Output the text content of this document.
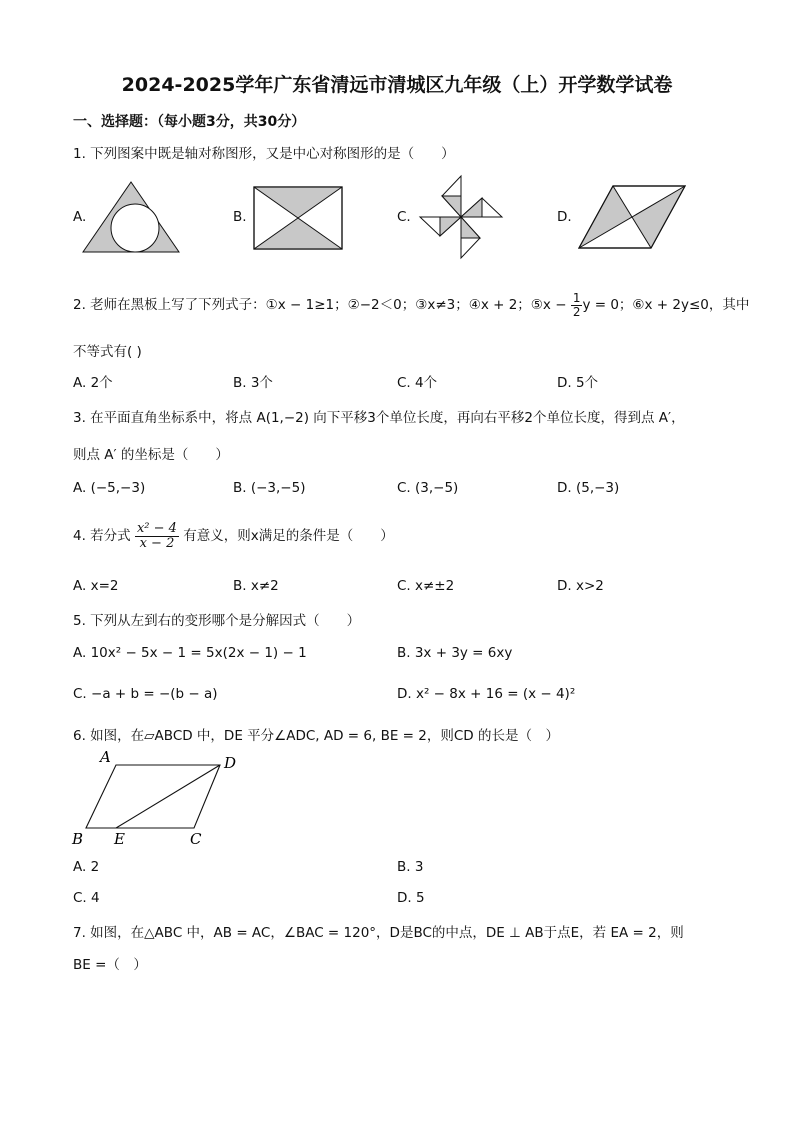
2024-2025学年广东省清远市清城区九年级（上）开学数学试卷
一、选择题：（每小题3分，共30分）
1. 下列图案中既是轴对称图形，又是中心对称图形的是（　　）
A.	B.	C.	D.
2. 老师在黑板上写了下列式子：①x − 1≥1；②−2＜0；③x≠3；④x + 2；⑤x − $\frac{1}{2}$ y = 0；⑥x + 2y≤0，其中
不等式有( )
A. 2个	B. 3个	C. 4个	D. 5个
3. 在平面直角坐标系中，将点 A(1,−2) 向下平移3个单位长度，再向右平移2个单位长度，得到点 A′，
则点 A′ 的坐标是（　　）
A. (−5,−3)	B. (−3,−5)	C. (3,−5)	D. (5,−3)
4. 若分式 $\frac{\text{x² − 4}}{x - 2}$ 有意义，则x满足的条件是（　　）
A. x=2	B. x≠2	C. x≠±2	D. x>2
5. 下列从左到右的变形哪个是分解因式（　　）
A. 10x² − 5x − 1 = 5x(2x − 1) − 1	B. 3x + 3y = 6xy
C. −a + b = −(b − a)	D. x² − 8x + 16 = (x − 4)²
6. 如图，在▱ABCD 中，DE 平分∠ADC, AD = 6, BE = 2，则CD 的长是（　）
A	D
B E	C
A. 2	B. 3
C. 4	D. 5
7. 如图，在△ABC 中，AB = AC，∠BAC = 120°，D是BC的中点，DE ⊥ AB于点E，若 EA = 2，则
BE =（　）
